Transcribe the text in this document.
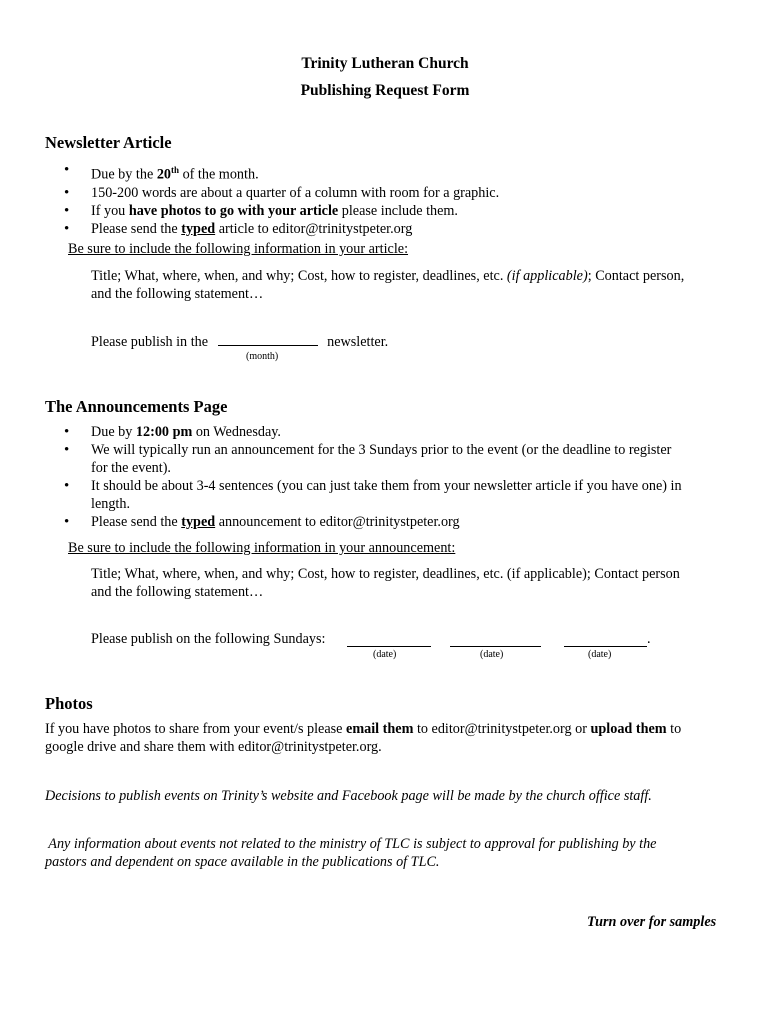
Trinity Lutheran Church
Publishing Request Form
Newsletter Article
• Due by the 20th of the month.
• 150-200 words are about a quarter of a column with room for a graphic.
• If you have photos to go with your article please include them.
• Please send the typed article to editor@trinitystpeter.org
Be sure to include the following information in your article:
Title; What, where, when, and why; Cost, how to register, deadlines, etc. (if applicable); Contact person,
and the following statement…
Please publish in the	newsletter.
(month)
The Announcements Page
• Due by 12:00 pm on Wednesday.
• We will typically run an announcement for the 3 Sundays prior to the event (or the deadline to register
for the event).
• It should be about 3-4 sentences (you can just take them from your newsletter article if you have one) in
length.
• Please send the typed announcement to editor@trinitystpeter.org
Be sure to include the following information in your announcement:
Title; What, where, when, and why; Cost, how to register, deadlines, etc. (if applicable); Contact person
and the following statement…
Please publish on the following Sundays:	.
(date)	(date)	(date)
Photos
If you have photos to share from your event/s please email them to editor@trinitystpeter.org or upload them to
google drive and share them with editor@trinitystpeter.org.
Decisions to publish events on Trinity’s website and Facebook page will be made by the church office staff.
Any information about events not related to the ministry of TLC is subject to approval for publishing by the
pastors and dependent on space available in the publications of TLC.
Turn over for samples
